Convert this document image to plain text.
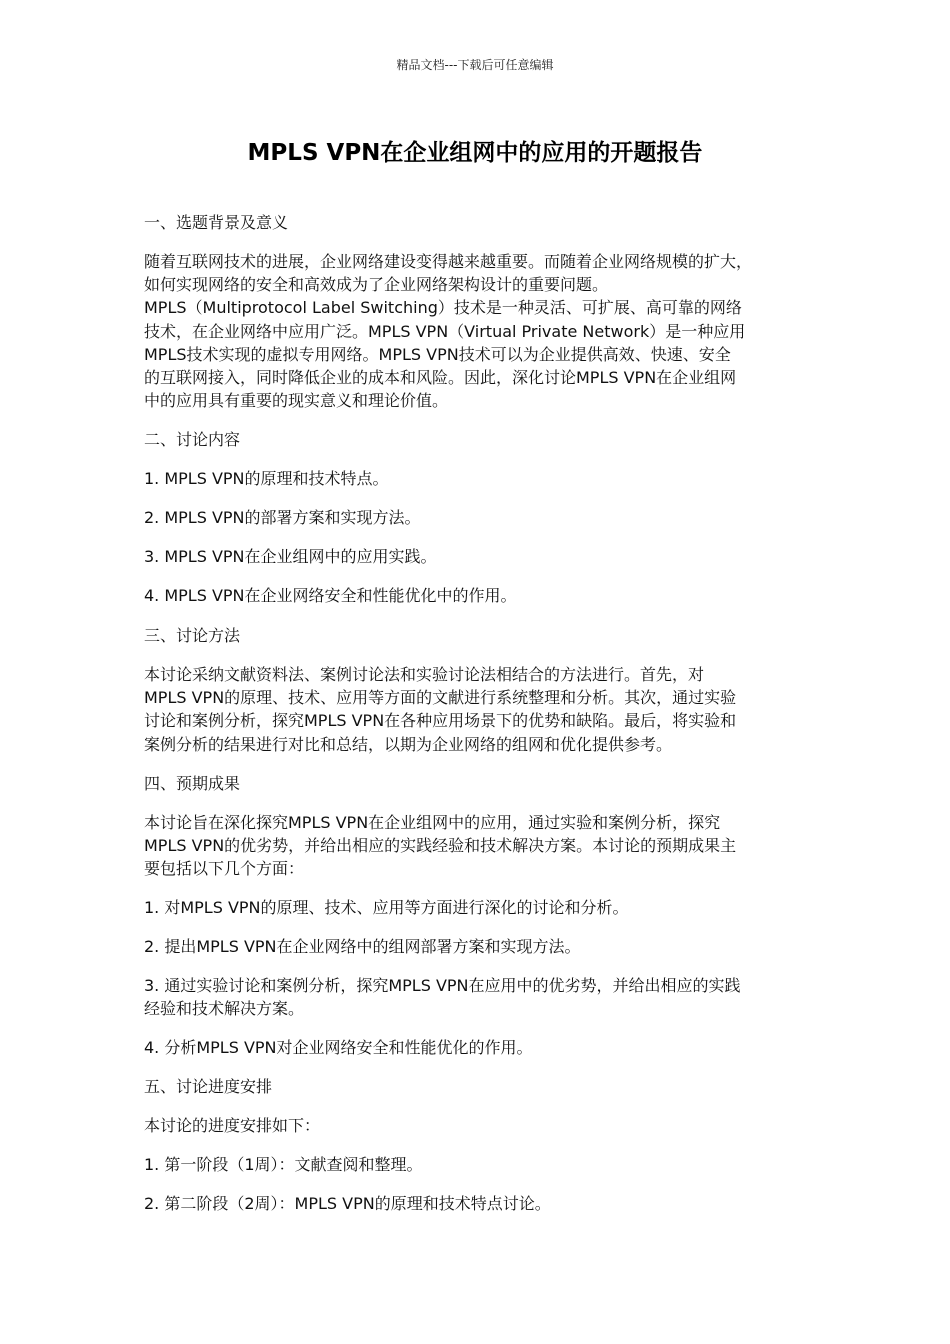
精品文档---下载后可任意编辑
MPLS VPN在企业组网中的应用的开题报告
一、选题背景及意义
随着互联网技术的进展，企业网络建设变得越来越重要。而随着企业网络规模的扩大，
如何实现网络的安全和高效成为了企业网络架构设计的重要问题。
MPLS（Multiprotocol Label Switching）技术是一种灵活、可扩展、高可靠的网络
技术，在企业网络中应用广泛。MPLS VPN（Virtual Private Network）是一种应用
MPLS技术实现的虚拟专用网络。MPLS VPN技术可以为企业提供高效、快速、安全
的互联网接入，同时降低企业的成本和风险。因此，深化讨论MPLS VPN在企业组网
中的应用具有重要的现实意义和理论价值。
二、讨论内容
1. MPLS VPN的原理和技术特点。
2. MPLS VPN的部署方案和实现方法。
3. MPLS VPN在企业组网中的应用实践。
4. MPLS VPN在企业网络安全和性能优化中的作用。
三、讨论方法
本讨论采纳文献资料法、案例讨论法和实验讨论法相结合的方法进行。首先，对
MPLS VPN的原理、技术、应用等方面的文献进行系统整理和分析。其次，通过实验
讨论和案例分析，探究MPLS VPN在各种应用场景下的优势和缺陷。最后，将实验和
案例分析的结果进行对比和总结，以期为企业网络的组网和优化提供参考。
四、预期成果
本讨论旨在深化探究MPLS VPN在企业组网中的应用，通过实验和案例分析，探究
MPLS VPN的优劣势，并给出相应的实践经验和技术解决方案。本讨论的预期成果主
要包括以下几个方面：
1. 对MPLS VPN的原理、技术、应用等方面进行深化的讨论和分析。
2. 提出MPLS VPN在企业网络中的组网部署方案和实现方法。
3. 通过实验讨论和案例分析，探究MPLS VPN在应用中的优劣势，并给出相应的实践
经验和技术解决方案。
4. 分析MPLS VPN对企业网络安全和性能优化的作用。
五、讨论进度安排
本讨论的进度安排如下：
1. 第一阶段（1周）：文献查阅和整理。
2. 第二阶段（2周）：MPLS VPN的原理和技术特点讨论。
